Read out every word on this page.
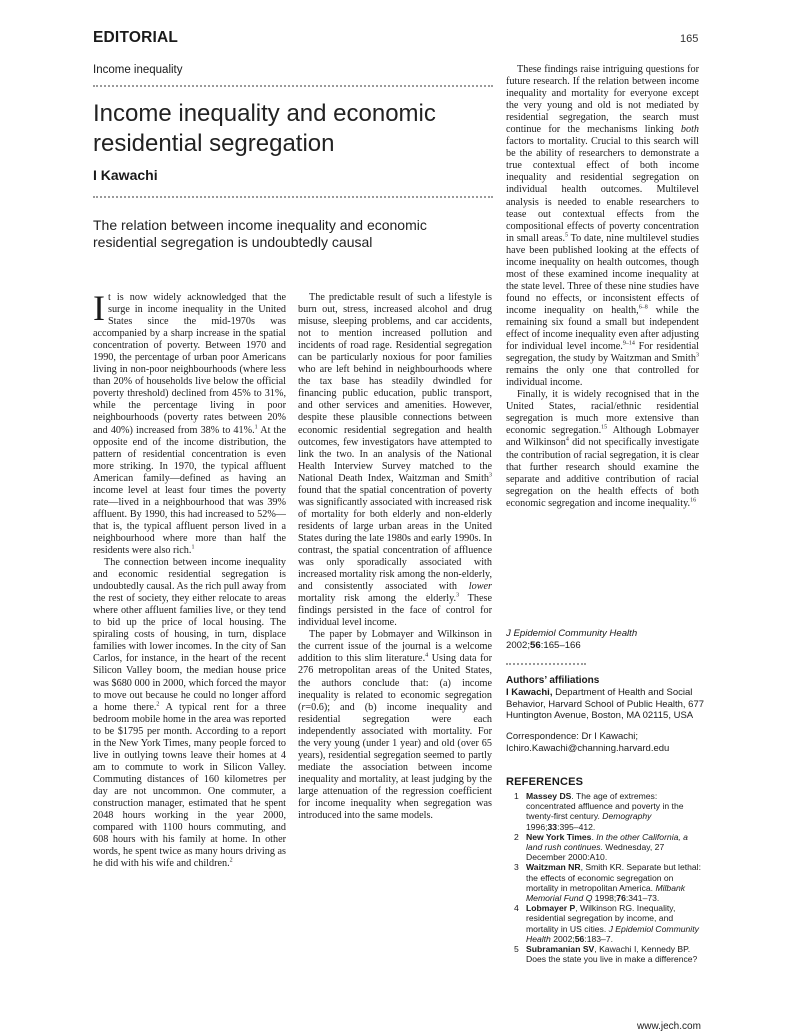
EDITORIAL	165
Income inequality
Income inequality and economic residential segregation
I Kawachi
The relation between income inequality and economic residential segregation is undoubtedly causal

It is now widely acknowledged that the surge in income inequality in the United States since the mid-1970s was accompanied by a sharp increase in the spatial concentration of poverty. Between 1970 and 1990, the percentage of urban poor Americans living in non-poor neighbourhoods (where less than 20% of households live below the official poverty threshold) declined from 45% to 31%, while the percentage living in poor neighbourhoods (poverty rates between 20% and 40%) increased from 38% to 41%.$^1$ At the opposite end of the income distribution, the pattern of residential concentration is even more striking. In 1970, the typical affluent American family—defined as having an income level at least four times the poverty rate—lived in a neighbourhood that was 39% affluent. By 1990, this had increased to 52%—that is, the typical affluent person lived in a neighbourhood where more than half the residents were also rich.$^1$

The connection between income inequality and economic residential segregation is undoubtedly causal. As the rich pull away from the rest of society, they either relocate to areas where other affluent families live, or they tend to bid up the price of local housing. The spiraling costs of housing, in turn, displace families with lower incomes. In the city of San Carlos, for instance, in the heart of the recent Silicon Valley boom, the median house price was $680 000 in 2000, which forced the mayor to move out because he could no longer afford a home there.$^2$ A typical rent for a three bedroom mobile home in the area was reported to be $1795 per month. According to a report in the New York Times, many people forced to live in outlying towns leave their homes at 4 am to commute to work in Silicon Valley. Commuting distances of 160 kilometres per day are not uncommon. One commuter, a construction manager, estimated that he spent 2048 hours working in the year 2000, compared with 1100 hours commuting, and 608 hours with his family at home. In other words, he spent twice as many hours driving as he did with his wife and children.$^2$

The predictable result of such a lifestyle is burn out, stress, increased alcohol and drug misuse, sleeping problems, and car accidents, not to mention increased pollution and incidents of road rage. Residential segregation can be particularly noxious for poor families who are left behind in neighbourhoods where the tax base has steadily dwindled for financing public education, public transport, and other services and amenities. However, despite these plausible connections between economic residential segregation and health outcomes, few investigators have attempted to link the two. In an analysis of the National Health Interview Survey matched to the National Death Index, Waitzman and Smith$^3$ found that the spatial concentration of poverty was significantly associated with increased risk of mortality for both elderly and non-elderly residents of large urban areas in the United States during the late 1980s and early 1990s. In contrast, the spatial concentration of affluence was only sporadically associated with increased mortality risk among the non-elderly, and consistently associated with lower mortality risk among the elderly.$^3$ These findings persisted in the face of control for individual level income.

The paper by Lobmayer and Wilkinson in the current issue of the journal is a welcome addition to this slim literature.$^4$ Using data for 276 metropolitan areas of the United States, the authors conclude that: (a) income inequality is related to economic segregation (r=0.6); and (b) income inequality and residential segregation were each independently associated with mortality. For the very young (under 1 year) and old (over 65 years), residential segregation seemed to partly mediate the association between income inequality and mortality, at least judging by the large attenuation of the regression coefficient for income inequality when segregation was introduced into the same models.

These findings raise intriguing questions for future research. If the relation between income inequality and mortality for everyone except the very young and old is not mediated by residential segregation, the search must continue for the mechanisms linking both factors to mortality. Crucial to this search will be the ability of researchers to demonstrate a true contextual effect of both income inequality and residential segregation on individual health outcomes. Multilevel analysis is needed to enable researchers to tease out contextual effects from the compositional effects of poverty concentration in small areas.$^5$ To date, nine multilevel studies have been published looking at the effects of income inequality on health outcomes, though most of these examined income inequality at the state level. Three of these nine studies have found no effects, or inconsistent effects of income inequality on health,$^{6-8}$ while the remaining six found a small but independent effect of income inequality even after adjusting for individual level income.$^{9-14}$ For residential segregation, the study by Waitzman and Smith$^3$ remains the only one that controlled for individual income.

Finally, it is widely recognised that in the United States, racial/ethnic residential segregation is much more extensive than economic segregation.$^{15}$ Although Lobmayer and Wilkinson$^4$ did not specifically investigate the contribution of racial segregation, it is clear that further research should examine the separate and additive contribution of racial segregation on the health effects of both economic segregation and income inequality.$^{16}$

J Epidemiol Community Health
2002;56:165–166
Authors’ affiliations
I Kawachi, Department of Health and Social Behavior, Harvard School of Public Health, 677 Huntington Avenue, Boston, MA 02115, USA
Correspondence: Dr I Kawachi;
Ichiro.Kawachi@channing.harvard.edu
REFERENCES
1 Massey DS. The age of extremes: concentrated affluence and poverty in the twenty-first century. Demography 1996;33:395–412.
2 New York Times. In the other California, a land rush continues. Wednesday, 27 December 2000:A10.
3 Waitzman NR, Smith KR. Separate but lethal: the effects of economic segregation on mortality in metropolitan America. Milbank Memorial Fund Q 1998;76:341–73.
4 Lobmayer P, Wilkinson RG. Inequality, residential segregation by income, and mortality in US cities. J Epidemiol Community Health 2002;56:183–7.
5 Subramanian SV, Kawachi I, Kennedy BP. Does the state you live in make a difference?
www.jech.com
